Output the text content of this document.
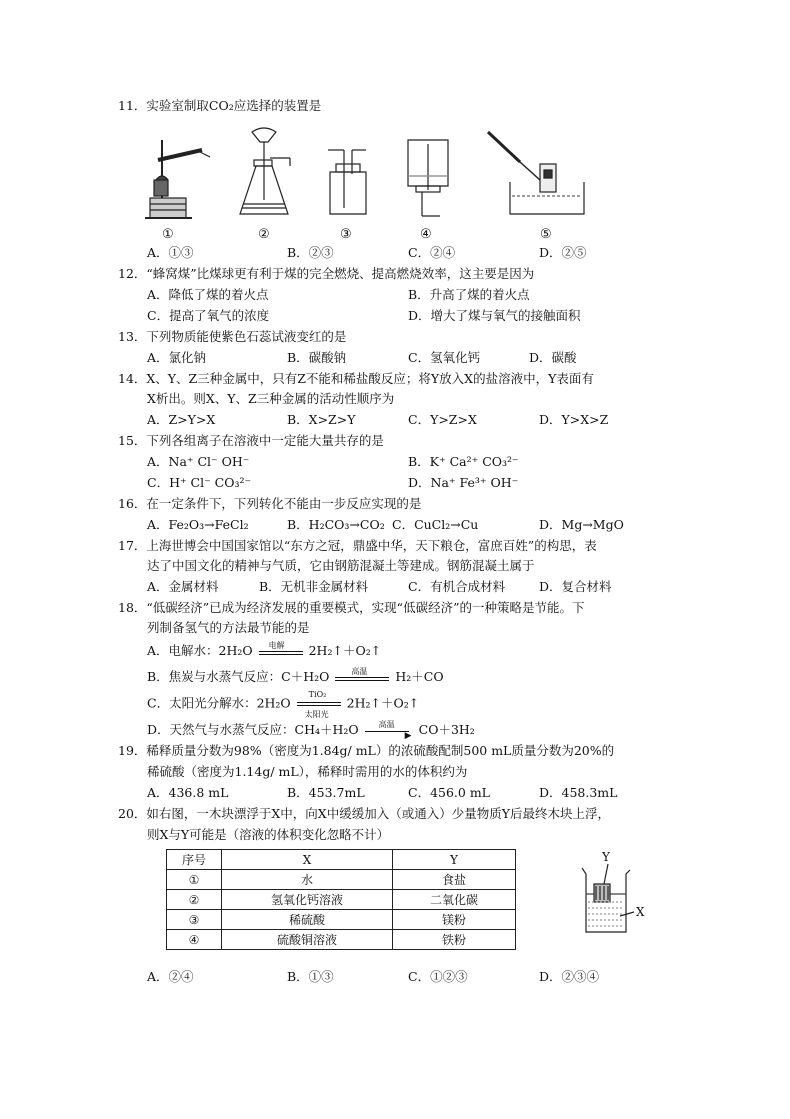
11．实验室制取CO₂应选择的装置是
①	②	③	④	⑤
A．①③	B．②③	C．②④	D．②⑤
12．“蜂窝煤”比煤球更有利于煤的完全燃烧、提高燃烧效率，这主要是因为
A．降低了煤的着火点	B．升高了煤的着火点
C．提高了氧气的浓度	D．增大了煤与氧气的接触面积
13．下列物质能使紫色石蕊试液变红的是
A．氯化钠	B．碳酸钠	C．氢氧化钙	D．碳酸
14．X、Y、Z三种金属中，只有Z不能和稀盐酸反应；将Y放入X的盐溶液中，Y表面有
X析出。则X、Y、Z三种金属的活动性顺序为
A．Z>Y>X	B．X>Z>Y	C．Y>Z>X	D．Y>X>Z
15．下列各组离子在溶液中一定能大量共存的是
A．Na⁺ Cl⁻ OH⁻	B．K⁺ Ca²⁺ CO₃²⁻
C．H⁺ Cl⁻ CO₃²⁻	D．Na⁺ Fe³⁺ OH⁻
16．在一定条件下，下列转化不能由一步反应实现的是
A．Fe₂O₃→FeCl₂	B．H₂CO₃→CO₂ C．CuCl₂→Cu	D．Mg→MgO
17．上海世博会中国国家馆以“东方之冠，鼎盛中华，天下粮仓，富庶百姓”的构思，表
达了中国文化的精神与气质，它由钢筋混凝土等建成。钢筋混凝土属于
A．金属材料	B．无机非金属材料	C．有机合成材料	D．复合材料
18．“低碳经济”已成为经济发展的重要模式，实现“低碳经济”的一种策略是节能。下
列制备氢气的方法最节能的是
A．电解水：2H₂O 电解 2H₂↑＋O₂↑
B．焦炭与水蒸气反应：C＋H₂O	高温 H₂＋CO
C．太阳光分解水：2H₂O
TiO₂
太阳光
2H₂↑＋O₂↑
D．天然气与水蒸气反应：CH₄＋H₂O 高温
▶ CO＋3H₂
19．稀释质量分数为98%（密度为1.84g/ mL）的浓硫酸配制500 mL质量分数为20%的
稀硫酸（密度为1.14g/ mL），稀释时需用的水的体积约为
A．436.8 mL	B．453.7mL	C．456.0 mL	D．458.3mL
20．如右图，一木块漂浮于X中，向X中缓缓加入（或通入）少量物质Y后最终木块上浮，
则X与Y可能是（溶液的体积变化忽略不计）
序号	X	Y
①	水	食盐
②	氢氧化钙溶液	二氧化碳
③	稀硫酸	镁粉
④	硫酸铜溶液	铁粉
Y
X
A．②④	B．①③	C．①②③	D．②③④
